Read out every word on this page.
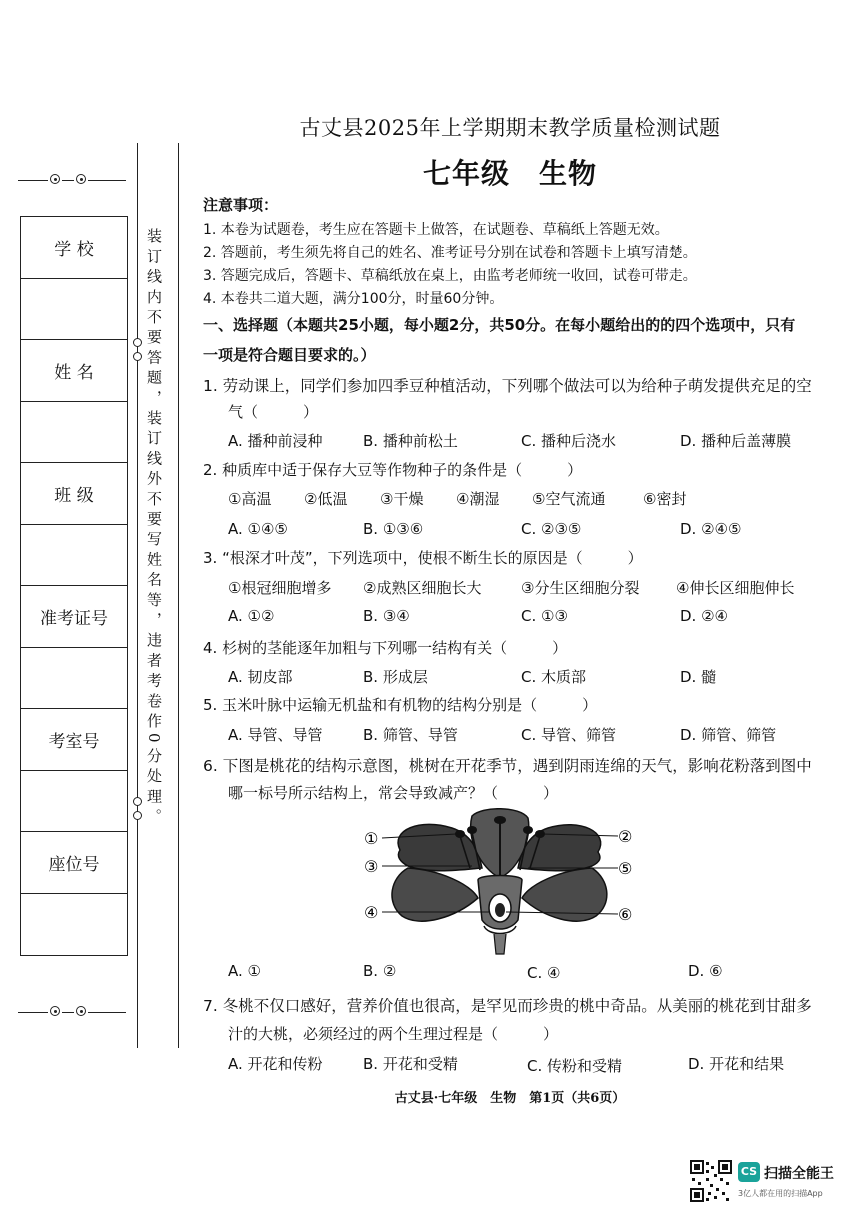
学 校
姓 名
班 级
准考证号
考室号
座位号
装订线内不要答题，装订线外不要写姓名等，违者考卷作0分处理。
古丈县2025年上学期期末教学质量检测试题
七年级　生物
注意事项：
1. 本卷为试题卷，考生应在答题卡上做答，在试题卷、草稿纸上答题无效。
2. 答题前，考生须先将自己的姓名、准考证号分别在试卷和答题卡上填写清楚。
3. 答题完成后，答题卡、草稿纸放在桌上，由监考老师统一收回，试卷可带走。
4. 本卷共二道大题，满分100分，时量60分钟。
一、选择题（本题共25小题，每小题2分，共50分。在每小题给出的的四个选项中，只有
一项是符合题目要求的。）
1. 劳动课上，同学们参加四季豆种植活动，下列哪个做法可以为给种子萌发提供充足的空
气（　　　）
A. 播种前浸种	B. 播种前松土	C. 播种后浇水	D. 播种后盖薄膜
2. 种质库中适于保存大豆等作物种子的条件是（　　　）
①高温 ②低温 ③干燥 ④潮湿 ⑤空气流通	⑥密封
A. ①④⑤	B. ①③⑥	C. ②③⑤	D. ②④⑤
3. “根深才叶茂”，下列选项中，使根不断生长的原因是（　　　）
①根冠细胞增多 ②成熟区细胞长大	③分生区细胞分裂 ④伸长区细胞伸长
A. ①②	B. ③④	C. ①③	D. ②④
4. 杉树的茎能逐年加粗与下列哪一结构有关（　　　）
A. 韧皮部	B. 形成层	C. 木质部	D. 髓
5. 玉米叶脉中运输无机盐和有机物的结构分别是（　　　）
A. 导管、导管	B. 筛管、导管	C. 导管、筛管	D. 筛管、筛管
6. 下图是桃花的结构示意图，桃树在开花季节，遇到阴雨连绵的天气，影响花粉落到图中
哪一标号所示结构上，常会导致减产？（　　　）
①	②
③	⑤
④	⑥
A. ①	B. ②	C. ④	D. ⑥
7. 冬桃不仅口感好，营养价值也很高，是罕见而珍贵的桃中奇品。从美丽的桃花到甘甜多
汁的大桃，必须经过的两个生理过程是（　　　）
A. 开花和传粉	B. 开花和受精	C. 传粉和受精	D. 开花和结果
古丈县·七年级　生物　第1页（共6页）
CS 扫描全能王
3亿人都在用的扫描App
